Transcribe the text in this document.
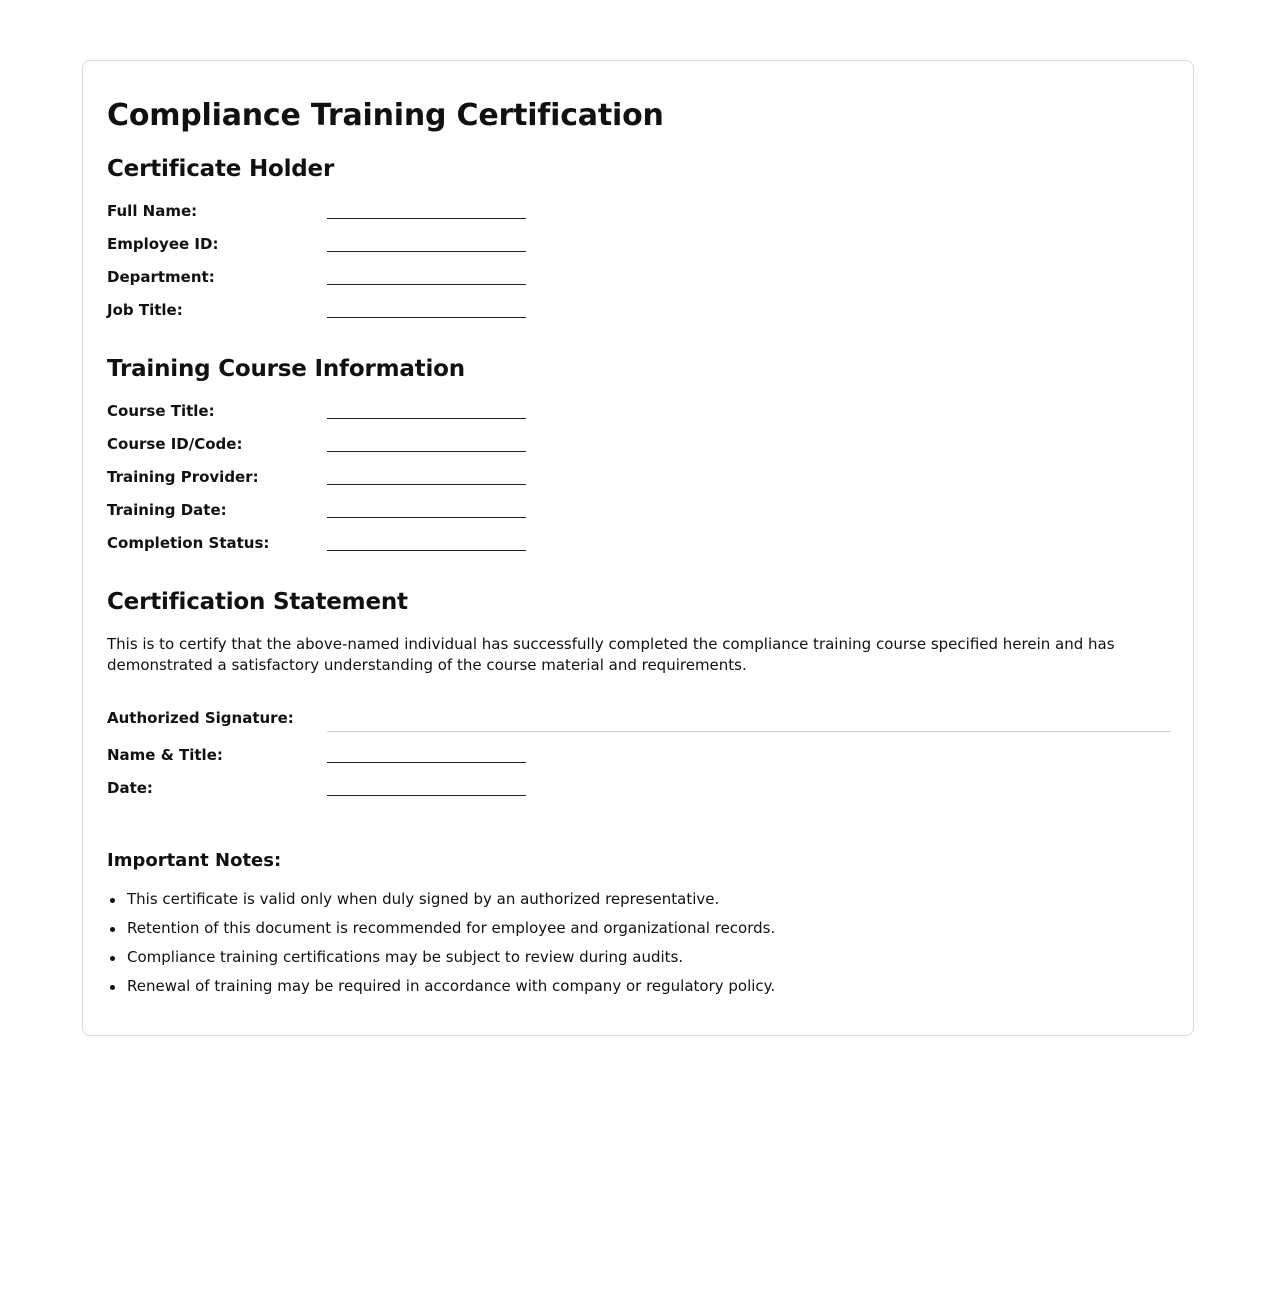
Compliance Training Certification
Certificate Holder
Full Name:
Employee ID:
Department:
Job Title:
Training Course Information
Course Title:
Course ID/Code:
Training Provider:
Training Date:
Completion Status:
Certification Statement
This is to certify that the above-named individual has successfully completed the compliance training course specified herein and has demonstrated a satisfactory understanding of the course material and requirements.
Authorized Signature:
Name & Title:
Date:
Important Notes:
This certificate is valid only when duly signed by an authorized representative.
Retention of this document is recommended for employee and organizational records.
Compliance training certifications may be subject to review during audits.
Renewal of training may be required in accordance with company or regulatory policy.
